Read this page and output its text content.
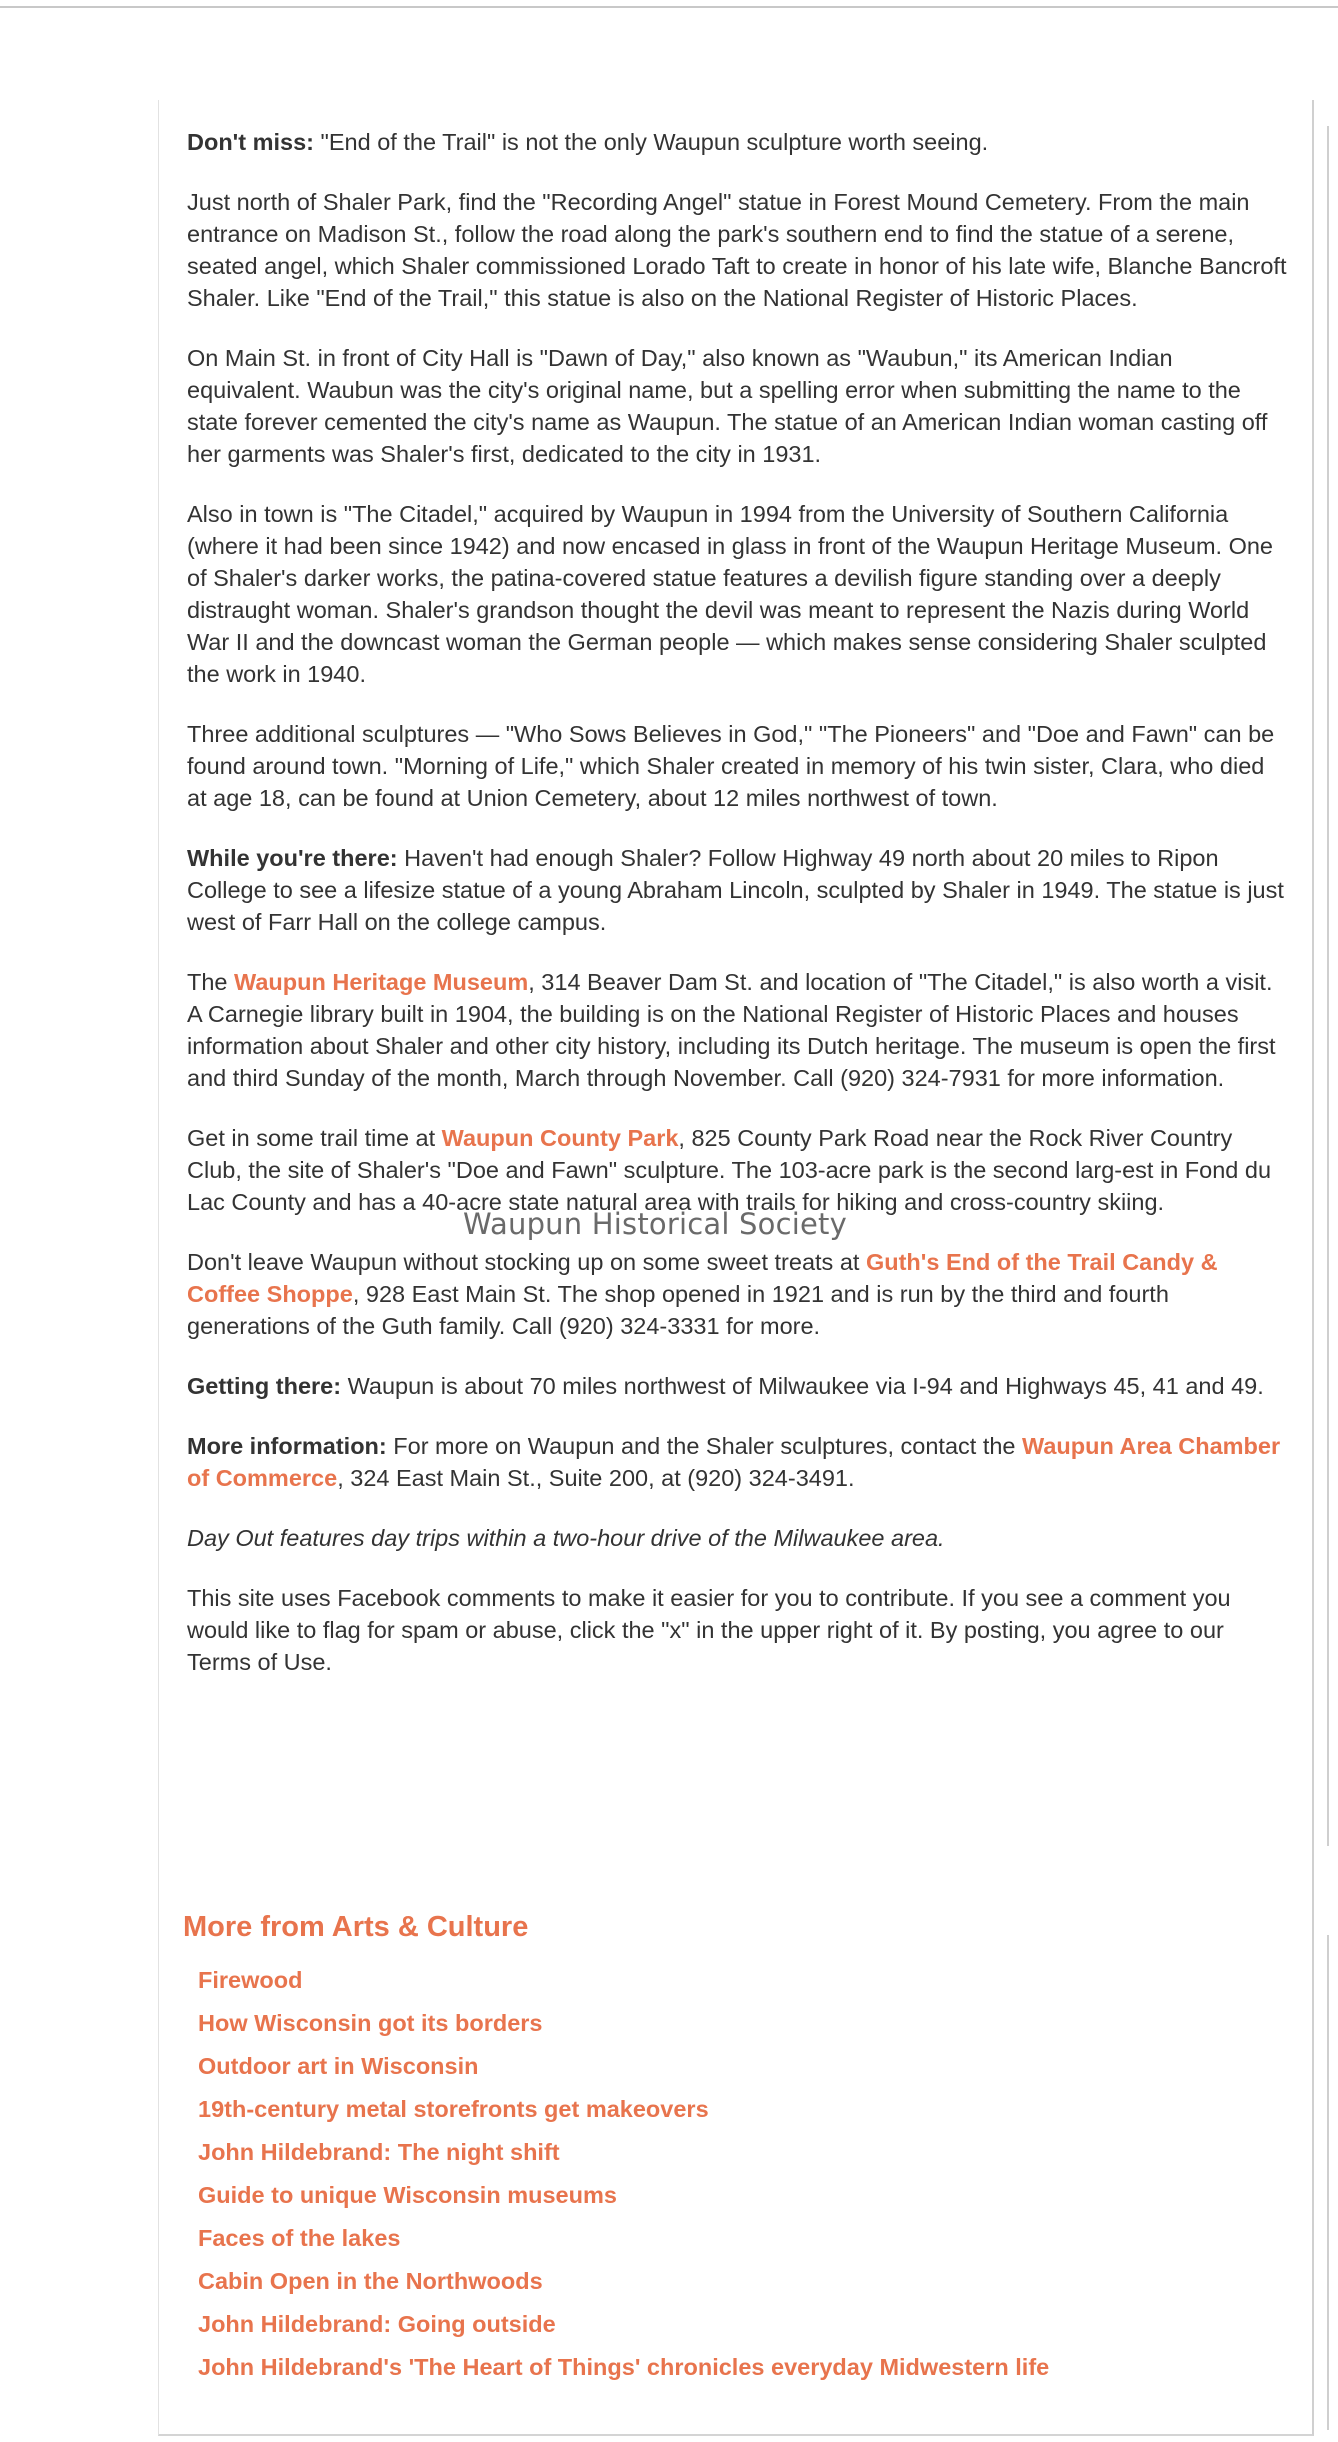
Don't miss: "End of the Trail" is not the only Waupun sculpture worth seeing.

Just north of Shaler Park, find the "Recording Angel" statue in Forest Mound Cemetery. From the main entrance on Madison St., follow the road along the park's southern end to find the statue of a serene, seated angel, which Shaler commissioned Lorado Taft to create in honor of his late wife, Blanche Bancroft Shaler. Like "End of the Trail," this statue is also on the National Register of Historic Places.

On Main St. in front of City Hall is "Dawn of Day," also known as "Waubun," its American Indian equivalent. Waubun was the city's original name, but a spelling error when submitting the name to the state forever cemented the city's name as Waupun. The statue of an American Indian woman casting off her garments was Shaler's first, dedicated to the city in 1931.

Also in town is "The Citadel," acquired by Waupun in 1994 from the University of Southern California (where it had been since 1942) and now encased in glass in front of the Waupun Heritage Museum. One of Shaler's darker works, the patina-covered statue features a devilish figure standing over a deeply distraught woman. Shaler's grandson thought the devil was meant to represent the Nazis during World War II and the downcast woman the German people — which makes sense considering Shaler sculpted the work in 1940.

Three additional sculptures — "Who Sows Believes in God," "The Pioneers" and "Doe and Fawn" can be found around town. "Morning of Life," which Shaler created in memory of his twin sister, Clara, who died at age 18, can be found at Union Cemetery, about 12 miles northwest of town.

While you're there: Haven't had enough Shaler? Follow Highway 49 north about 20 miles to Ripon College to see a lifesize statue of a young Abraham Lincoln, sculpted by Shaler in 1949. The statue is just west of Farr Hall on the college campus.

The Waupun Heritage Museum, 314 Beaver Dam St. and location of "The Citadel," is also worth a visit. A Carnegie library built in 1904, the building is on the National Register of Historic Places and houses information about Shaler and other city history, including its Dutch heritage. The museum is open the first and third Sunday of the month, March through November. Call (920) 324-7931 for more information.

Get in some trail time at Waupun County Park, 825 County Park Road near the Rock River Country Club, the site of Shaler's "Doe and Fawn" sculpture. The 103-acre park is the second larg-est in Fond du Lac County and has a 40-acre state natural area with trails for hiking and cross-country skiing.

Don't leave Waupun without stocking up on some sweet treats at Guth's End of the Trail Candy & Coffee Shoppe, 928 East Main St. The shop opened in 1921 and is run by the third and fourth generations of the Guth family. Call (920) 324-3331 for more.

Getting there: Waupun is about 70 miles northwest of Milwaukee via I-94 and Highways 45, 41 and 49.

More information: For more on Waupun and the Shaler sculptures, contact the Waupun Area Chamber of Commerce, 324 East Main St., Suite 200, at (920) 324-3491.

Day Out features day trips within a two-hour drive of the Milwaukee area.

This site uses Facebook comments to make it easier for you to contribute. If you see a comment you would like to flag for spam or abuse, click the "x" in the upper right of it. By posting, you agree to our Terms of Use.

Waupun Historical Society
More from Arts & Culture
Firewood
How Wisconsin got its borders
Outdoor art in Wisconsin
19th-century metal storefronts get makeovers
John Hildebrand: The night shift
Guide to unique Wisconsin museums
Faces of the lakes
Cabin Open in the Northwoods
John Hildebrand: Going outside
John Hildebrand's 'The Heart of Things' chronicles everyday Midwestern life
